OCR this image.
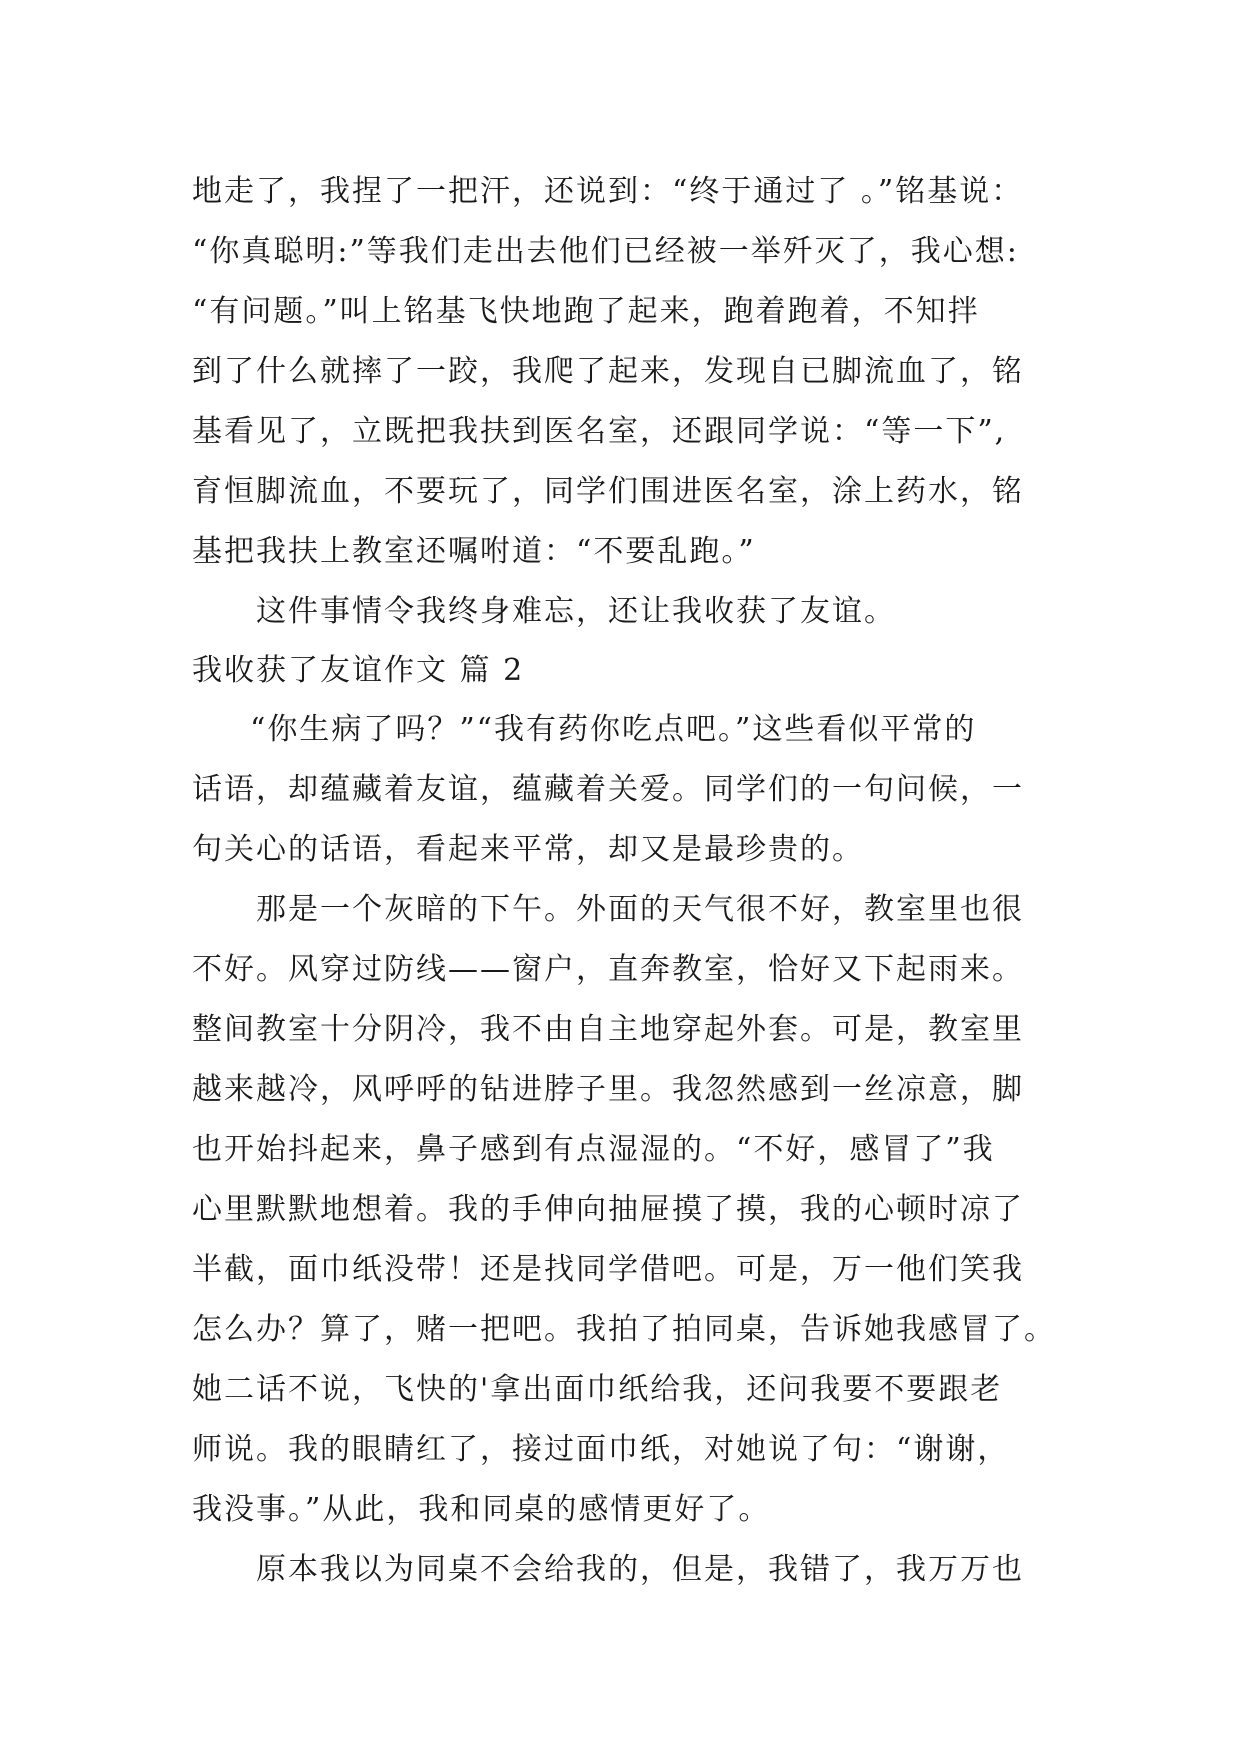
地走了，我捏了一把汗，还说到：“终于通过了 。”铭基说：
“你真聪明:”等我们走出去他们已经被一举歼灭了，我心想:
“有问题。”叫上铭基飞快地跑了起来，跑着跑着，不知拌
到了什么就摔了一跤，我爬了起来，发现自已脚流血了，铭
基看见了，立既把我扶到医名室，还跟同学说：“等一下”,
育恒脚流血，不要玩了，同学们围进医名室，涂上药水，铭
基把我扶上教室还嘱咐道：“不要乱跑。”
这件事情令我终身难忘，还让我收获了友谊。
我收获了友谊作文 篇 2
“你生病了吗？”“我有药你吃点吧。”这些看似平常的
话语，却蕴藏着友谊，蕴藏着关爱。同学们的一句问候，一
句关心的话语，看起来平常，却又是最珍贵的。
那是一个灰暗的下午。外面的天气很不好，教室里也很
不好。风穿过防线——窗户，直奔教室，恰好又下起雨来。
整间教室十分阴冷，我不由自主地穿起外套。可是，教室里
越来越冷，风呼呼的钻进脖子里。我忽然感到一丝凉意，脚
也开始抖起来，鼻子感到有点湿湿的。“不好，感冒了”我
心里默默地想着。我的手伸向抽屉摸了摸，我的心顿时凉了
半截，面巾纸没带！还是找同学借吧。可是，万一他们笑我
怎么办？算了，赌一把吧。我拍了拍同桌，告诉她我感冒了。
她二话不说，飞快的'拿出面巾纸给我，还问我要不要跟老
师说。我的眼睛红了，接过面巾纸，对她说了句：“谢谢，
我没事。”从此，我和同桌的感情更好了。
原本我以为同桌不会给我的，但是，我错了，我万万也
